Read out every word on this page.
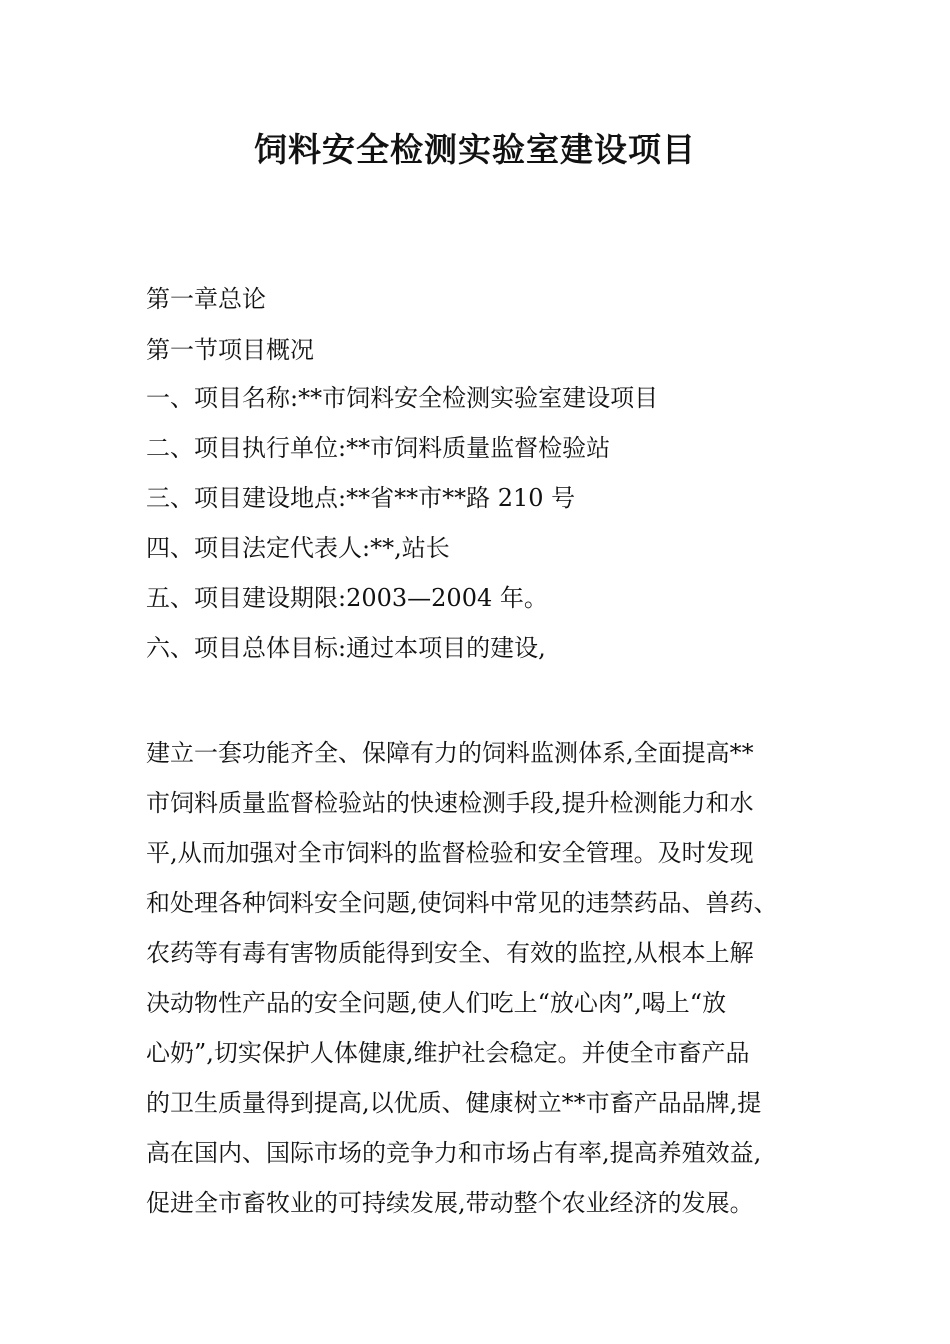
饲料安全检测实验室建设项目

第一章总论

第一节项目概况

一、项目名称:**市饲料安全检测实验室建设项目

二、项目执行单位:**市饲料质量监督检验站

三、项目建设地点:**省**市**路 210 号

四、项目法定代表人:**,站长

五、项目建设期限:2003—2004 年。

六、项目总体目标:通过本项目的建设,

建立一套功能齐全、保障有力的饲料监测体系,全面提高**
市饲料质量监督检验站的快速检测手段,提升检测能力和水
平,从而加强对全市饲料的监督检验和安全管理。及时发现
和处理各种饲料安全问题,使饲料中常见的违禁药品、兽药、
农药等有毒有害物质能得到安全、有效的监控,从根本上解
决动物性产品的安全问题,使人们吃上“放心肉”,喝上“放
心奶”,切实保护人体健康,维护社会稳定。并使全市畜产品
的卫生质量得到提高,以优质、健康树立**市畜产品品牌,提
高在国内、国际市场的竞争力和市场占有率,提高养殖效益,
促进全市畜牧业的可持续发展,带动整个农业经济的发展。
